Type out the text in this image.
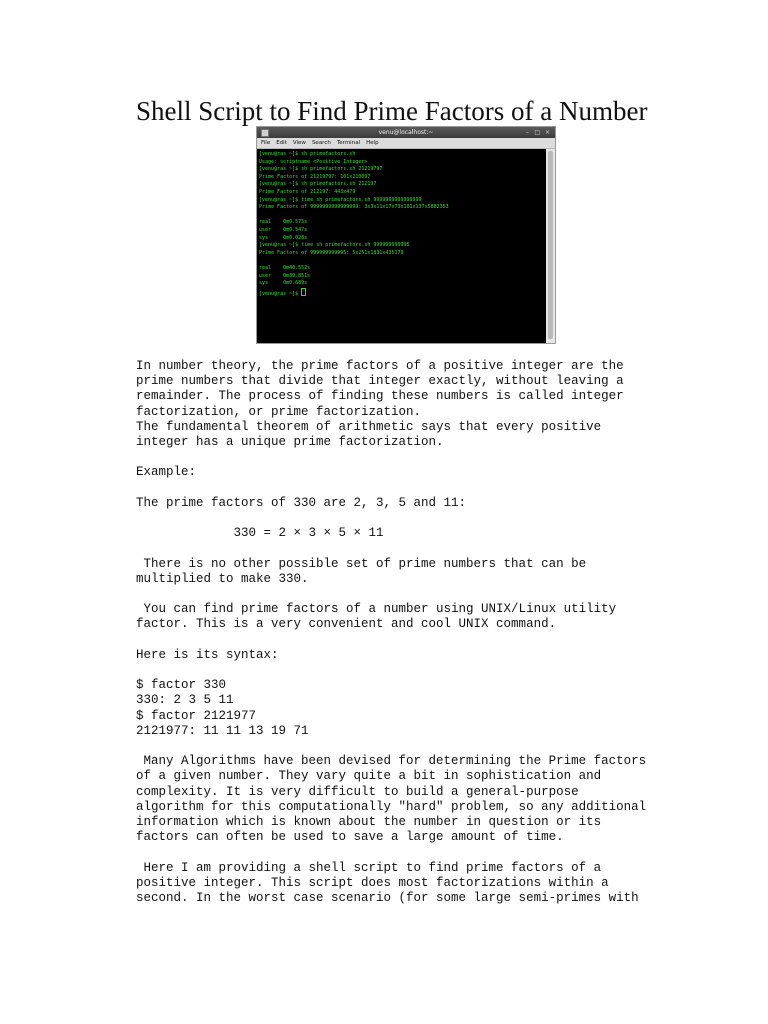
Shell Script to Find Prime Factors of a Number
venu@localhost:~	– □ ×
File Edit View Search Terminal Help
[venu@ras ~]$ sh primefactors.sh
Usage: scriptname <Positive Integer>
[venu@ras ~]$ sh primefactors.sh 21219797
Prime Factors of 21219797: 101x210097
[venu@ras ~]$ sh primefactors.sh 212197
Prime Factors of 212197: 443x479
[venu@ras ~]$ time sh primefactors.sh 9999999999999999
Prime Factors of 9999999999999999: 3x3x11x17x73x101x137x5882353

real    0m0.575s
user    0m0.547s
sys     0m0.028s
[venu@ras ~]$ time sh primefactors.sh 999999999995
Prime Factors of 999999999995: 5x251x1831x435179

real    0m40.552s
user    0m39.851s
sys     0m0.689s
[venu@ras ~]$
In number theory, the prime factors of a positive integer are the
prime numbers that divide that integer exactly, without leaving a
remainder. The process of finding these numbers is called integer
factorization, or prime factorization.
The fundamental theorem of arithmetic says that every positive
integer has a unique prime factorization.
Example:
The prime factors of 330 are 2, 3, 5 and 11:
330 = 2 × 3 × 5 × 11
There is no other possible set of prime numbers that can be
multiplied to make 330.
You can find prime factors of a number using UNIX/Linux utility
factor. This is a very convenient and cool UNIX command.
Here is its syntax:
$ factor 330
330: 2 3 5 11
$ factor 2121977
2121977: 11 11 13 19 71
Many Algorithms have been devised for determining the Prime factors
of a given number. They vary quite a bit in sophistication and
complexity. It is very difficult to build a general-purpose
algorithm for this computationally "hard" problem, so any additional
information which is known about the number in question or its
factors can often be used to save a large amount of time.
Here I am providing a shell script to find prime factors of a
positive integer. This script does most factorizations within a
second. In the worst case scenario (for some large semi-primes with
